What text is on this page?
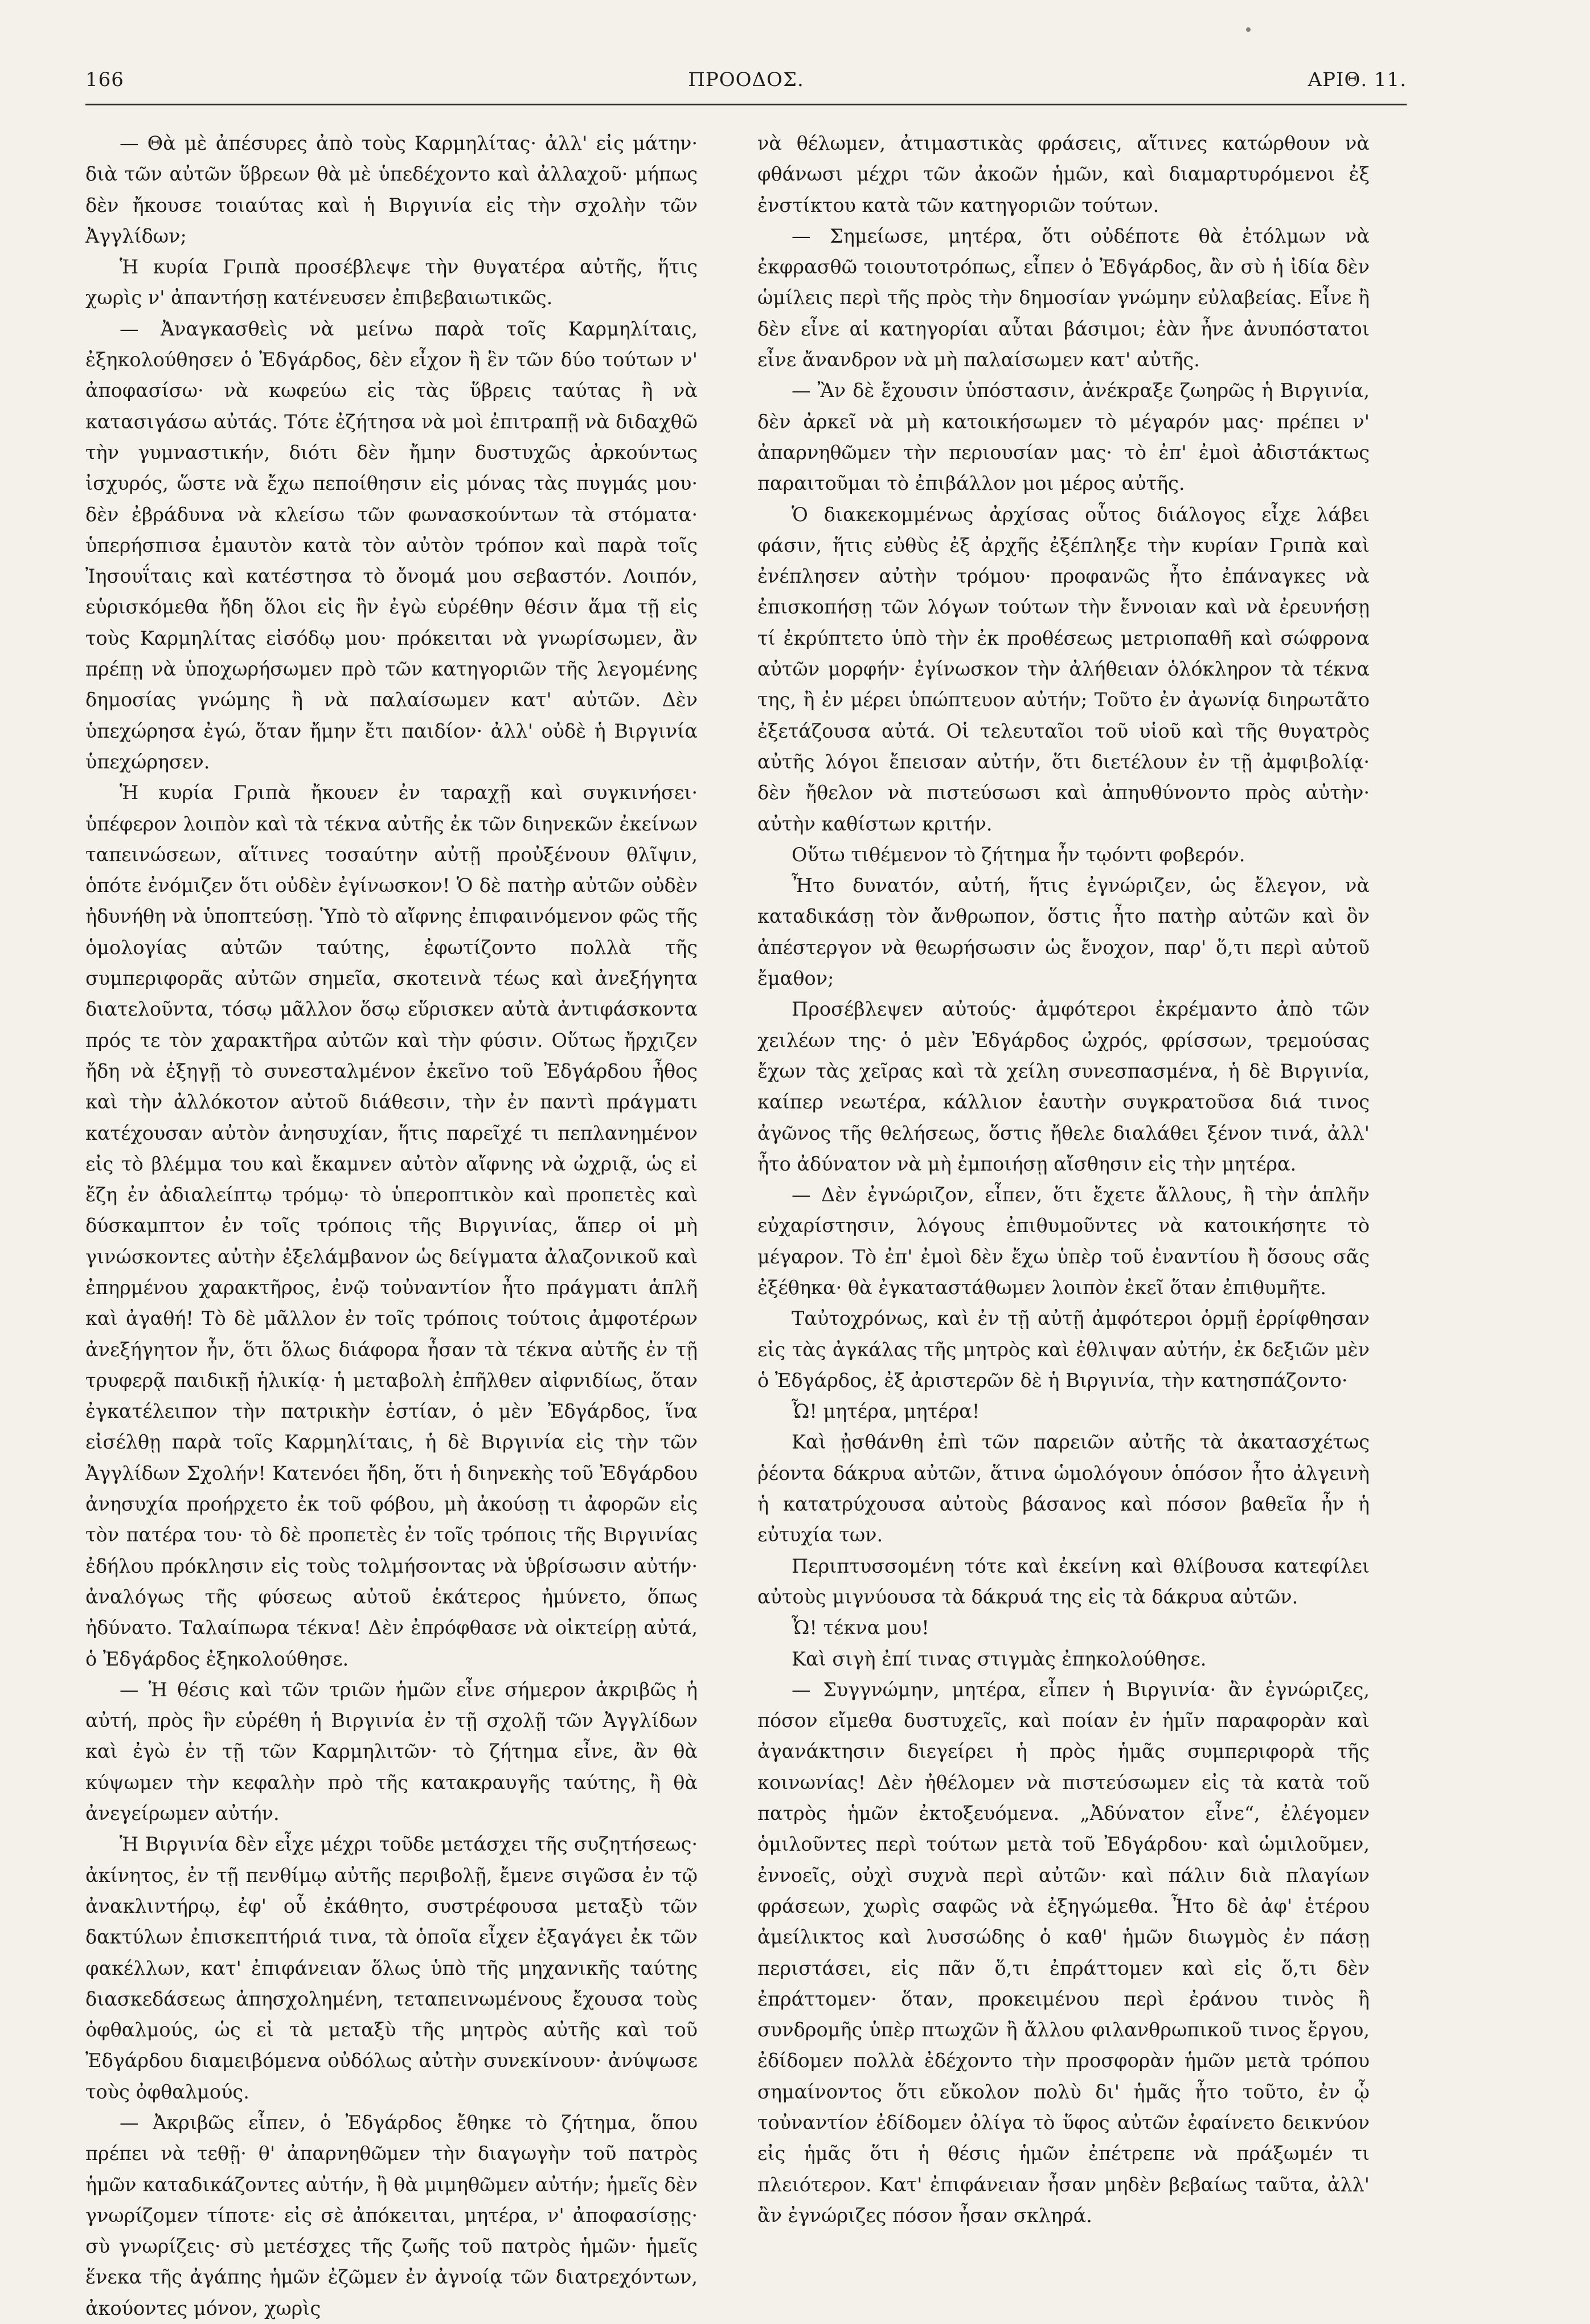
166	ΠΡΟΟΔΟΣ.	ΑΡΙΘ. 11.

— Θὰ μὲ ἀπέσυρες ἀπὸ τοὺς Καρμηλίτας· ἀλλ' εἰς μάτην· διὰ τῶν αὐτῶν ὕβρεων θὰ μὲ ὑπεδέχοντο καὶ ἀλλαχοῦ· μήπως δὲν ἤκουσε τοιαύτας καὶ ἡ Βιργινία εἰς τὴν σχολὴν τῶν Ἀγγλίδων;

Ἡ κυρία Γριπὰ προσέβλεψε τὴν θυγατέρα αὐτῆς, ἥτις χωρὶς ν' ἀπαντήσῃ κατένευσεν ἐπιβεβαιωτικῶς.

— Ἀναγκασθεὶς νὰ μείνω παρὰ τοῖς Καρμηλίταις, ἐξηκολούθησεν ὁ Ἐδγάρδος, δὲν εἶχον ἢ ἓν τῶν δύο τούτων ν' ἀποφασίσω· νὰ κωφεύω εἰς τὰς ὕβρεις ταύτας ἢ νὰ κατασιγάσω αὐτάς. Τότε ἐζήτησα νὰ μοὶ ἐπιτραπῇ νὰ διδαχθῶ τὴν γυμναστικήν, διότι δὲν ἤμην δυστυχῶς ἀρκούντως ἰσχυρός, ὥστε νὰ ἔχω πεποίθησιν εἰς μόνας τὰς πυγμάς μου· δὲν ἐβράδυνα νὰ κλείσω τῶν φωνασκούντων τὰ στόματα· ὑπερήσπισα ἐμαυτὸν κατὰ τὸν αὐτὸν τρόπον καὶ παρὰ τοῖς Ἰησουΐταις καὶ κατέστησα τὸ ὄνομά μου σεβαστόν. Λοιπόν, εὑρισκόμεθα ἤδη ὅλοι εἰς ἣν ἐγὼ εὑρέθην θέσιν ἅμα τῇ εἰς τοὺς Καρμηλίτας εἰσόδῳ μου· πρόκειται νὰ γνωρίσωμεν, ἂν πρέπῃ νὰ ὑποχωρήσωμεν πρὸ τῶν κατηγοριῶν τῆς λεγομένης δημοσίας γνώμης ἢ νὰ παλαίσωμεν κατ' αὐτῶν. Δὲν ὑπεχώρησα ἐγώ, ὅταν ἤμην ἔτι παιδίον· ἀλλ' οὐδὲ ἡ Βιργινία ὑπεχώρησεν.

Ἡ κυρία Γριπὰ ἤκουεν ἐν ταραχῇ καὶ συγκινήσει· ὑπέφερον λοιπὸν καὶ τὰ τέκνα αὐτῆς ἐκ τῶν διηνεκῶν ἐκείνων ταπεινώσεων, αἵτινες τοσαύτην αὐτῇ προὐξένουν θλῖψιν, ὁπότε ἐνόμιζεν ὅτι οὐδὲν ἐγίνωσκον! Ὁ δὲ πατὴρ αὐτῶν οὐδὲν ἠδυνήθη νὰ ὑποπτεύσῃ. Ὑπὸ τὸ αἴφνης ἐπιφαινόμενον φῶς τῆς ὁμολογίας αὐτῶν ταύτης, ἐφωτίζοντο πολλὰ τῆς συμπεριφορᾶς αὐτῶν σημεῖα, σκοτεινὰ τέως καὶ ἀνεξήγητα διατελοῦντα, τόσῳ μᾶλλον ὅσῳ εὕρισκεν αὐτὰ ἀντιφάσκοντα πρός τε τὸν χαρακτῆρα αὐτῶν καὶ τὴν φύσιν. Οὕτως ἤρχιζεν ἤδη νὰ ἐξηγῇ τὸ συνεσταλμένον ἐκεῖνο τοῦ Ἐδγάρδου ἦθος καὶ τὴν ἀλλόκοτον αὐτοῦ διάθεσιν, τὴν ἐν παντὶ πράγματι κατέχουσαν αὐτὸν ἀνησυχίαν, ἥτις παρεῖχέ τι πεπλανημένον εἰς τὸ βλέμμα του καὶ ἔκαμνεν αὐτὸν αἴφνης νὰ ὠχριᾷ, ὡς εἰ ἔζη ἐν ἀδιαλείπτῳ τρόμῳ· τὸ ὑπεροπτικὸν καὶ προπετὲς καὶ δύσκαμπτον ἐν τοῖς τρόποις τῆς Βιργινίας, ἅπερ οἱ μὴ γινώσκοντες αὐτὴν ἐξελάμβανον ὡς δείγματα ἀλαζονικοῦ καὶ ἐπηρμένου χαρακτῆρος, ἐνῷ τοὐναντίον ἦτο πράγματι ἁπλῆ καὶ ἀγαθή! Τὸ δὲ μᾶλλον ἐν τοῖς τρόποις τούτοις ἀμφοτέρων ἀνεξήγητον ἦν, ὅτι ὅλως διάφορα ἦσαν τὰ τέκνα αὐτῆς ἐν τῇ τρυφερᾷ παιδικῇ ἡλικίᾳ· ἡ μεταβολὴ ἐπῆλθεν αἰφνιδίως, ὅταν ἐγκατέλειπον τὴν πατρικὴν ἑστίαν, ὁ μὲν Ἐδγάρδος, ἵνα εἰσέλθῃ παρὰ τοῖς Καρμηλίταις, ἡ δὲ Βιργινία εἰς τὴν τῶν Ἀγγλίδων Σχολήν! Κατενόει ἤδη, ὅτι ἡ διηνεκὴς τοῦ Ἐδγάρδου ἀνησυχία προήρχετο ἐκ τοῦ φόβου, μὴ ἀκούσῃ τι ἀφορῶν εἰς τὸν πατέρα του· τὸ δὲ προπετὲς ἐν τοῖς τρόποις τῆς Βιργινίας ἐδήλου πρόκλησιν εἰς τοὺς τολμήσοντας νὰ ὑβρίσωσιν αὐτήν· ἀναλόγως τῆς φύσεως αὐτοῦ ἑκάτερος ἠμύνετο, ὅπως ἠδύνατο. Ταλαίπωρα τέκνα! Δὲν ἐπρόφθασε νὰ οἰκτείρῃ αὐτά, ὁ Ἐδγάρδος ἐξηκολούθησε.

— Ἡ θέσις καὶ τῶν τριῶν ἡμῶν εἶνε σήμερον ἀκριβῶς ἡ αὐτή, πρὸς ἣν εὑρέθη ἡ Βιργινία ἐν τῇ σχολῇ τῶν Ἀγγλίδων καὶ ἐγὼ ἐν τῇ τῶν Καρμηλιτῶν· τὸ ζήτημα εἶνε, ἂν θὰ κύψωμεν τὴν κεφαλὴν πρὸ τῆς κατακραυγῆς ταύτης, ἢ θὰ ἀνεγείρωμεν αὐτήν.

Ἡ Βιργινία δὲν εἶχε μέχρι τοῦδε μετάσχει τῆς συζητήσεως· ἀκίνητος, ἐν τῇ πενθίμῳ αὐτῆς περιβολῇ, ἔμενε σιγῶσα ἐν τῷ ἀνακλιντήρῳ, ἐφ' οὗ ἐκάθητο, συστρέφουσα μεταξὺ τῶν δακτύλων ἐπισκεπτήριά τινα, τὰ ὁποῖα εἶχεν ἐξαγάγει ἐκ τῶν φακέλλων, κατ' ἐπιφάνειαν ὅλως ὑπὸ τῆς μηχανικῆς ταύτης διασκεδάσεως ἀπησχολημένη, τεταπεινωμένους ἔχουσα τοὺς ὀφθαλμούς, ὡς εἰ τὰ μεταξὺ τῆς μητρὸς αὐτῆς καὶ τοῦ Ἐδγάρδου διαμειβόμενα οὐδόλως αὐτὴν συνεκίνουν· ἀνύψωσε τοὺς ὀφθαλμούς.

— Ἀκριβῶς εἶπεν, ὁ Ἐδγάρδος ἔθηκε τὸ ζήτημα, ὅπου πρέπει νὰ τεθῇ· θ' ἀπαρνηθῶμεν τὴν διαγωγὴν τοῦ πατρὸς ἡμῶν καταδικάζοντες αὐτήν, ἢ θὰ μιμηθῶμεν αὐτήν; ἡμεῖς δὲν γνωρίζομεν τίποτε· εἰς σὲ ἀπόκειται, μητέρα, ν' ἀποφασίσῃς· σὺ γνωρίζεις· σὺ μετέσχες τῆς ζωῆς τοῦ πατρὸς ἡμῶν· ἡμεῖς ἕνεκα τῆς ἀγάπης ἡμῶν ἐζῶμεν ἐν ἀγνοίᾳ τῶν διατρεχόντων, ἀκούοντες μόνον, χωρὶς

νὰ θέλωμεν, ἀτιμαστικὰς φράσεις, αἵτινες κατώρθουν νὰ φθάνωσι μέχρι τῶν ἀκοῶν ἡμῶν, καὶ διαμαρτυρόμενοι ἐξ ἐνστίκτου κατὰ τῶν κατηγοριῶν τούτων.

— Σημείωσε, μητέρα, ὅτι οὐδέποτε θὰ ἐτόλμων νὰ ἐκφρασθῶ τοιουτοτρόπως, εἶπεν ὁ Ἐδγάρδος, ἂν σὺ ἡ ἰδία δὲν ὡμίλεις περὶ τῆς πρὸς τὴν δημοσίαν γνώμην εὐλαβείας. Εἶνε ἢ δὲν εἶνε αἱ κατηγορίαι αὗται βάσιμοι; ἐὰν ἦνε ἀνυπόστατοι εἶνε ἄνανδρον νὰ μὴ παλαίσωμεν κατ' αὐτῆς.

— Ἂν δὲ ἔχουσιν ὑπόστασιν, ἀνέκραξε ζωηρῶς ἡ Βιργινία, δὲν ἀρκεῖ νὰ μὴ κατοικήσωμεν τὸ μέγαρόν μας· πρέπει ν' ἀπαρνηθῶμεν τὴν περιουσίαν μας· τὸ ἐπ' ἐμοὶ ἀδιστάκτως παραιτοῦμαι τὸ ἐπιβάλλον μοι μέρος αὐτῆς.

Ὁ διακεκομμένως ἀρχίσας οὗτος διάλογος εἶχε λάβει φάσιν, ἥτις εὐθὺς ἐξ ἀρχῆς ἐξέπληξε τὴν κυρίαν Γριπὰ καὶ ἐνέπλησεν αὐτὴν τρόμου· προφανῶς ἦτο ἐπάναγκες νὰ ἐπισκοπήσῃ τῶν λόγων τούτων τὴν ἔννοιαν καὶ νὰ ἐρευνήσῃ τί ἐκρύπτετο ὑπὸ τὴν ἐκ προθέσεως μετριοπαθῆ καὶ σώφρονα αὐτῶν μορφήν· ἐγίνωσκον τὴν ἀλήθειαν ὁλόκληρον τὰ τέκνα της, ἢ ἐν μέρει ὑπώπτευον αὐτήν; Τοῦτο ἐν ἀγωνίᾳ διηρωτᾶτο ἐξετάζουσα αὐτά. Οἱ τελευταῖοι τοῦ υἱοῦ καὶ τῆς θυγατρὸς αὐτῆς λόγοι ἔπεισαν αὐτήν, ὅτι διετέλουν ἐν τῇ ἀμφιβολίᾳ· δὲν ἤθελον νὰ πιστεύσωσι καὶ ἀπηυθύνοντο πρὸς αὐτὴν· αὐτὴν καθίστων κριτήν.

Οὕτω τιθέμενον τὸ ζήτημα ἦν τῳόντι φοβερόν.

Ἦτο δυνατόν, αὐτή, ἥτις ἐγνώριζεν, ὡς ἔλεγον, νὰ καταδικάσῃ τὸν ἄνθρωπον, ὅστις ἦτο πατὴρ αὐτῶν καὶ ὃν ἀπέστεργον νὰ θεωρήσωσιν ὡς ἔνοχον, παρ' ὅ,τι περὶ αὐτοῦ ἔμαθον;

Προσέβλεψεν αὐτούς· ἀμφότεροι ἐκρέμαντο ἀπὸ τῶν χειλέων της· ὁ μὲν Ἐδγάρδος ὠχρός, φρίσσων, τρεμούσας ἔχων τὰς χεῖρας καὶ τὰ χείλη συνεσπασμένα, ἡ δὲ Βιργινία, καίπερ νεωτέρα, κάλλιον ἑαυτὴν συγκρατοῦσα διά τινος ἀγῶνος τῆς θελήσεως, ὅστις ἤθελε διαλάθει ξένον τινά, ἀλλ' ἦτο ἀδύνατον νὰ μὴ ἐμποιήσῃ αἴσθησιν εἰς τὴν μητέρα.

— Δὲν ἐγνώριζον, εἶπεν, ὅτι ἔχετε ἄλλους, ἢ τὴν ἁπλῆν εὐχαρίστησιν, λόγους ἐπιθυμοῦντες νὰ κατοικήσητε τὸ μέγαρον. Τὸ ἐπ' ἐμοὶ δὲν ἔχω ὑπὲρ τοῦ ἐναντίου ἢ ὅσους σᾶς ἐξέθηκα· θὰ ἐγκαταστάθωμεν λοιπὸν ἐκεῖ ὅταν ἐπιθυμῆτε.

Ταὐτοχρόνως, καὶ ἐν τῇ αὐτῇ ἀμφότεροι ὁρμῇ ἐρρίφθησαν εἰς τὰς ἀγκάλας τῆς μητρὸς καὶ ἐθλιψαν αὐτήν, ἐκ δεξιῶν μὲν ὁ Ἐδγάρδος, ἐξ ἀριστερῶν δὲ ἡ Βιργινία, τὴν κατησπάζοντο·

Ὦ! μητέρα, μητέρα!

Καὶ ᾐσθάνθη ἐπὶ τῶν παρειῶν αὐτῆς τὰ ἀκατασχέτως ῥέοντα δάκρυα αὐτῶν, ἅτινα ὡμολόγουν ὁπόσον ἦτο ἀλγεινὴ ἡ κατατρύχουσα αὐτοὺς βάσανος καὶ πόσον βαθεῖα ἦν ἡ εὐτυχία των.

Περιπτυσσομένη τότε καὶ ἐκείνη καὶ θλίβουσα κατεφίλει αὐτοὺς μιγνύουσα τὰ δάκρυά της εἰς τὰ δάκρυα αὐτῶν.

Ὦ! τέκνα μου!

Καὶ σιγὴ ἐπί τινας στιγμὰς ἐπηκολούθησε.

— Συγγνώμην, μητέρα, εἶπεν ἡ Βιργινία· ἂν ἐγνώριζες, πόσον εἴμεθα δυστυχεῖς, καὶ ποίαν ἐν ἡμῖν παραφορὰν καὶ ἀγανάκτησιν διεγείρει ἡ πρὸς ἡμᾶς συμπεριφορὰ τῆς κοινωνίας! Δὲν ἠθέλομεν νὰ πιστεύσωμεν εἰς τὰ κατὰ τοῦ πατρὸς ἡμῶν ἐκτοξευόμενα. „Ἀδύνατον εἶνε“, ἐλέγομεν ὁμιλοῦντες περὶ τούτων μετὰ τοῦ Ἐδγάρδου· καὶ ὡμιλοῦμεν, ἐννοεῖς, οὐχὶ συχνὰ περὶ αὐτῶν· καὶ πάλιν διὰ πλαγίων φράσεων, χωρὶς σαφῶς νὰ ἐξηγώμεθα. Ἦτο δὲ ἀφ' ἑτέρου ἀμείλικτος καὶ λυσσώδης ὁ καθ' ἡμῶν διωγμὸς ἐν πάσῃ περιστάσει, εἰς πᾶν ὅ,τι ἐπράττομεν καὶ εἰς ὅ,τι δὲν ἐπράττομεν· ὅταν, προκειμένου περὶ ἐράνου τινὸς ἢ συνδρομῆς ὑπὲρ πτωχῶν ἢ ἄλλου φιλανθρωπικοῦ τινος ἔργου, ἐδίδομεν πολλὰ ἐδέχοντο τὴν προσφορὰν ἡμῶν μετὰ τρόπου σημαίνοντος ὅτι εὔκολον πολὺ δι' ἡμᾶς ἦτο τοῦτο, ἐν ᾧ τοὐναντίον ἐδίδομεν ὀλίγα τὸ ὕφος αὐτῶν ἐφαίνετο δεικνύον εἰς ἡμᾶς ὅτι ἡ θέσις ἡμῶν ἐπέτρεπε νὰ πράξωμέν τι πλειότερον. Κατ' ἐπιφάνειαν ἦσαν μηδὲν βεβαίως ταῦτα, ἀλλ' ἂν ἐγνώριζες πόσον ἦσαν σκληρά.
